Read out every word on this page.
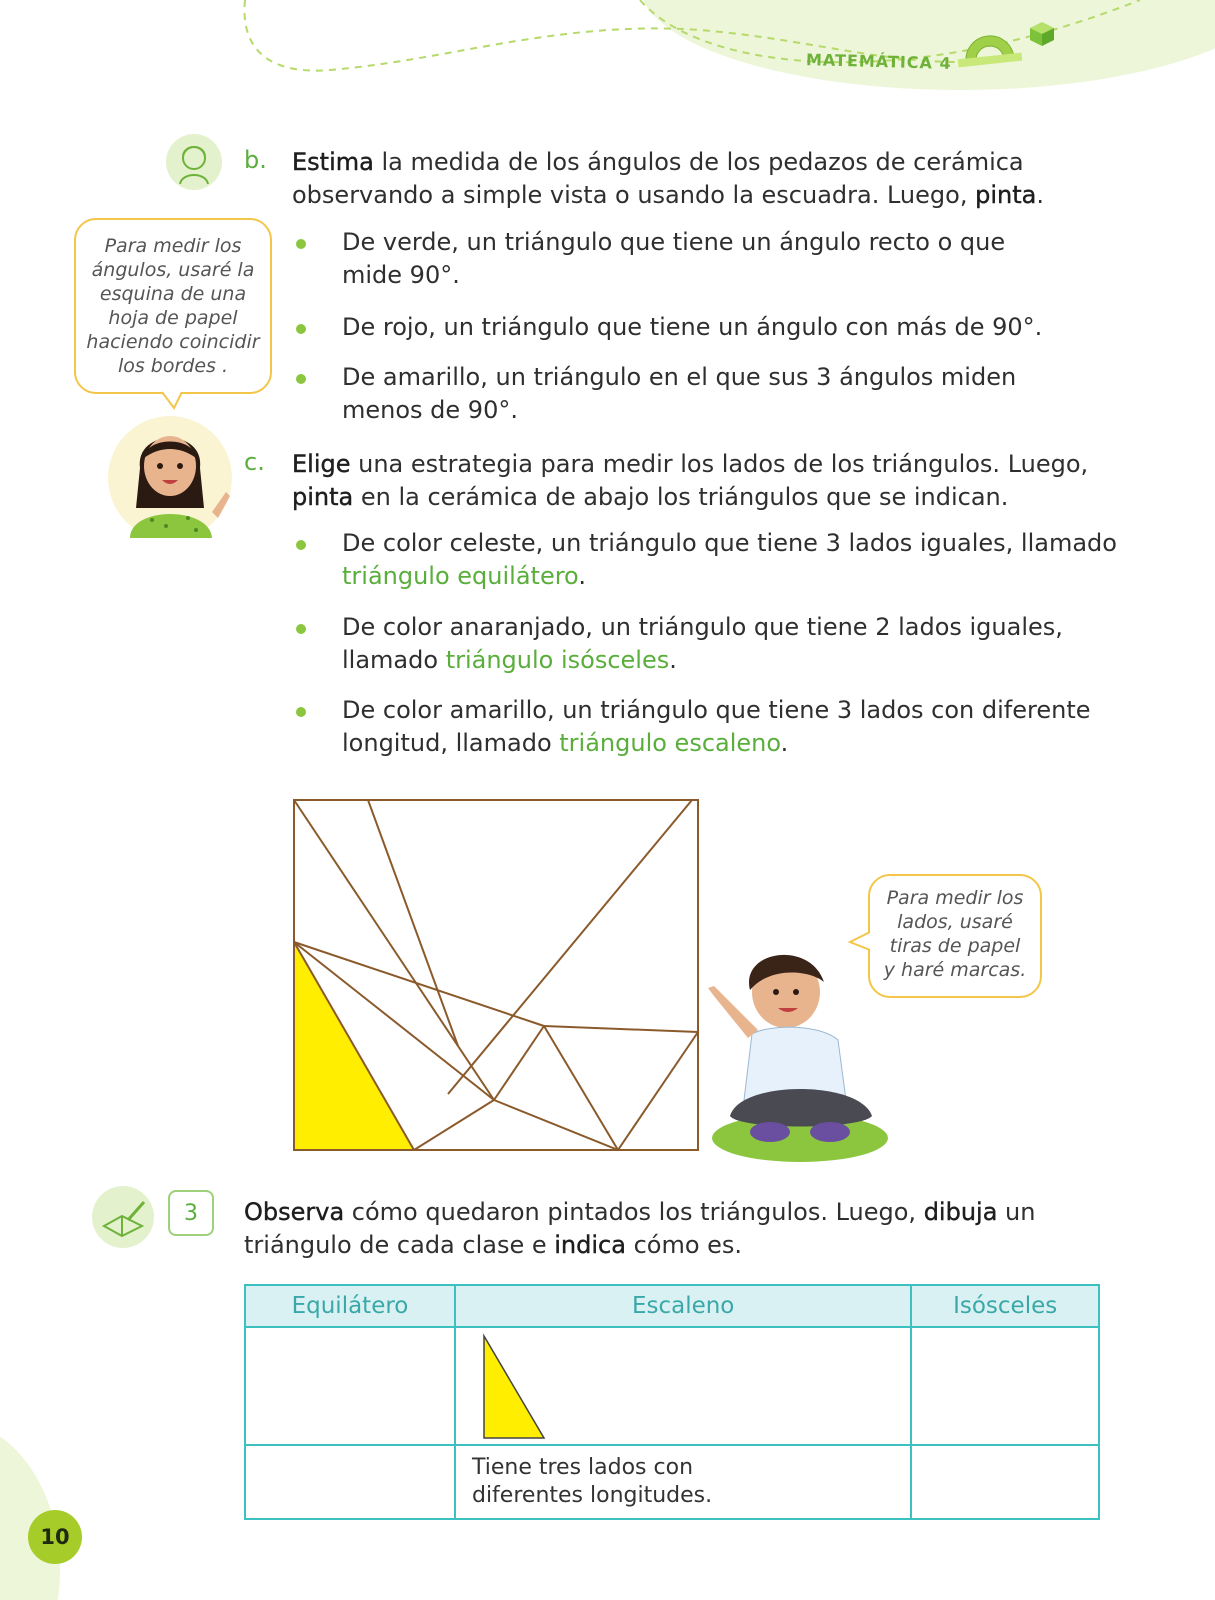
MATEMÁTICA 4
b. Estima la medida de los ángulos de los pedazos de cerámica
observando a simple vista o usando la escuadra. Luego, pinta.
De verde, un triángulo que tiene un ángulo recto o que
mide 90°.
De rojo, un triángulo que tiene un ángulo con más de 90°.
De amarillo, un triángulo en el que sus 3 ángulos miden
menos de 90°.
Para medir los
ángulos, usaré la
esquina de una
hoja de papel
haciendo coincidir
los bordes .
c. Elige una estrategia para medir los lados de los triángulos. Luego,
pinta en la cerámica de abajo los triángulos que se indican.
De color celeste, un triángulo que tiene 3 lados iguales, llamado
triángulo equilátero.
De color anaranjado, un triángulo que tiene 2 lados iguales,
llamado triángulo isósceles.
De color amarillo, un triángulo que tiene 3 lados con diferente
longitud, llamado triángulo escaleno.
Para medir los
lados, usaré
tiras de papel
y haré marcas.
3	Observa cómo quedaron pintados los triángulos. Luego, dibuja un
triángulo de cada clase e indica cómo es.
Equilátero	Escaleno	Isósceles

	Tiene tres lados con
diferentes longitudes.	

10
